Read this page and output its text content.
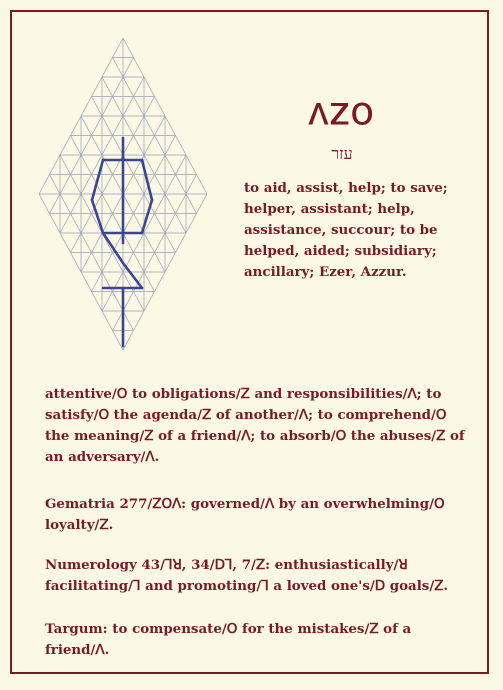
ꓥꓜꓳ
עזר
to aid, assist, help; to save; helper, assistant; help, assistance, succour; to be helped, aided; subsidiary; ancillary; Ezer, Azzur.
attentive/ꓳ to obligations/ꓜ and responsibilities/ꓥ; to satisfy/ꓳ the agenda/ꓜ of another/ꓥ; to comprehend/ꓳ the meaning/ꓜ of a friend/ꓥ; to absorb/ꓳ the abuses/ꓜ of an adversary/ꓥ.
Gematria 277/ꓜꓳꓥ: governed/ꓥ by an overwhelming/ꓳ loyalty/ꓜ.
Numerology 43/ꓶꓤ, 34/ꓓꓶ, 7/ꓜ: enthusiastically/ꓤ facilitating/ꓶ and promoting/ꓶ a loved one's/ꓓ goals/ꓜ.
Targum: to compensate/ꓳ for the mistakes/ꓜ of a friend/ꓥ.
